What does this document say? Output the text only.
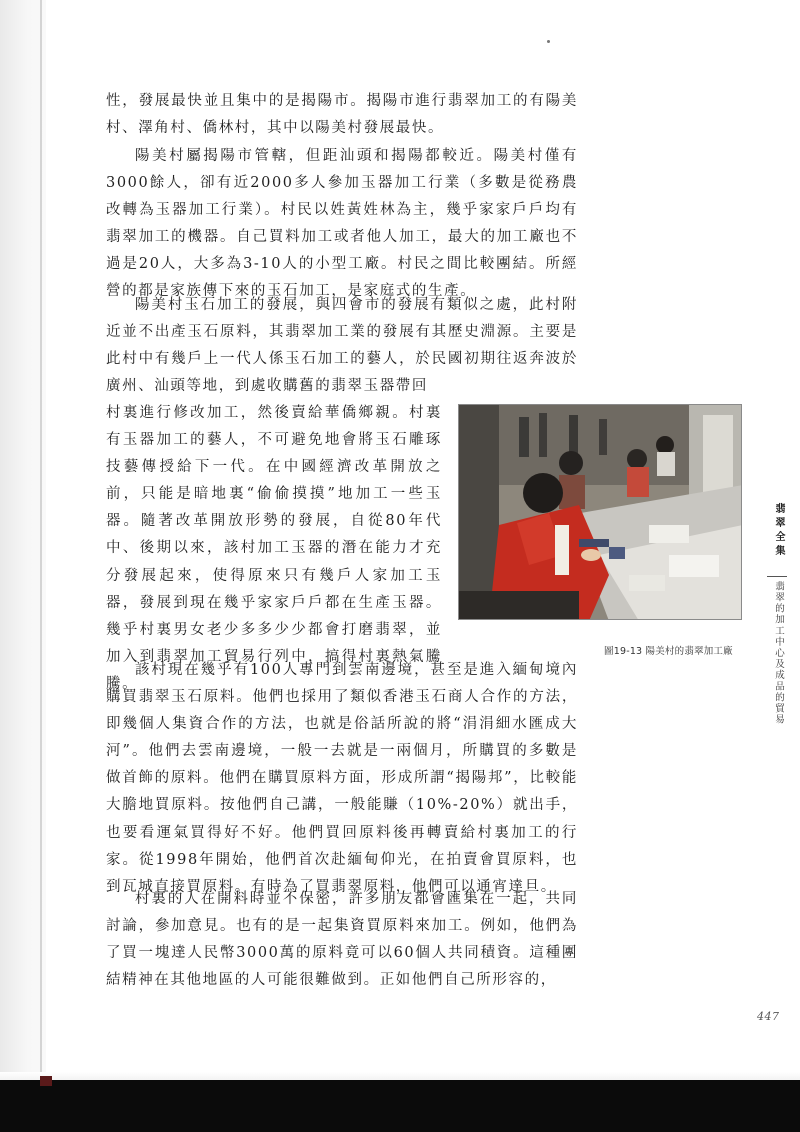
性，發展最快並且集中的是揭陽市。揭陽市進行翡翠加工的有陽美村、澤角村、僑林村，其中以陽美村發展最快。

陽美村屬揭陽市管轄，但距汕頭和揭陽都較近。陽美村僅有3000餘人，卻有近2000多人參加玉器加工行業（多數是從務農改轉為玉器加工行業）。村民以姓黃姓林為主，幾乎家家戶戶均有翡翠加工的機器。自己買料加工或者他人加工，最大的加工廠也不過是20人，大多為3-10人的小型工廠。村民之間比較團結。所經營的都是家族傳下來的玉石加工，是家庭式的生產。

陽美村玉石加工的發展，與四會市的發展有類似之處，此村附近並不出產玉石原料，其翡翠加工業的發展有其歷史淵源。主要是此村中有幾戶上一代人係玉石加工的藝人，於民國初期往返奔波於廣州、汕頭等地，到處收購舊的翡翠玉器帶回

村裏進行修改加工，然後賣給華僑鄉親。村裏有玉器加工的藝人，不可避免地會將玉石雕琢技藝傳授給下一代。在中國經濟改革開放之前，只能是暗地裏“偷偷摸摸”地加工一些玉器。隨著改革開放形勢的發展，自從80年代中、後期以來，該村加工玉器的潛在能力才充分發展起來，使得原來只有幾戶人家加工玉器，發展到現在幾乎家家戶戶都在生產玉器。幾乎村裏男女老少多多少少都會打磨翡翠，並加入到翡翠加工貿易行列中，搞得村裏熱氣騰騰。

圖19-13 陽美村的翡翠加工廠

該村現在幾乎有100人專門到雲南邊境，甚至是進入緬甸境內購買翡翠玉石原料。他們也採用了類似香港玉石商人合作的方法，即幾個人集資合作的方法，也就是俗話所說的將“涓涓細水匯成大河”。他們去雲南邊境，一般一去就是一兩個月，所購買的多數是做首飾的原料。他們在購買原料方面，形成所謂“揭陽邦”，比較能大膽地買原料。按他們自己講，一般能賺（10%-20%）就出手，也要看運氣買得好不好。他們買回原料後再轉賣給村裏加工的行家。從1998年開始，他們首次赴緬甸仰光，在拍賣會買原料，也到瓦城直接買原料。有時為了買翡翠原料，他們可以通宵達旦。

村裏的人在開料時並不保密，許多朋友都會匯集在一起，共同討論，參加意見。也有的是一起集資買原料來加工。例如，他們為了買一塊達人民幣3000萬的原料竟可以60個人共同積資。這種團結精神在其他地區的人可能很難做到。正如他們自己所形容的，

翡翠全集
翡翠的加工中心及成品的貿易
447
